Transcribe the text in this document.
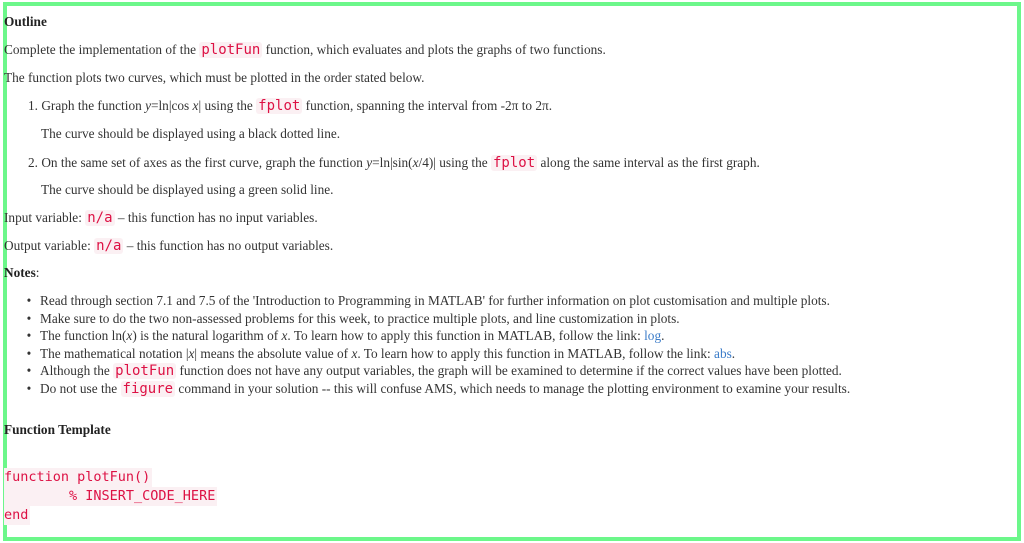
Outline
Complete the implementation of the plotFun function, which evaluates and plots the graphs of two functions.
The function plots two curves, which must be plotted in the order stated below.
1. Graph the function y=ln|cos x| using the fplot function, spanning the interval from -2π to 2π.
The curve should be displayed using a black dotted line.
2. On the same set of axes as the first curve, graph the function y=ln|sin(x/4)| using the fplot along the same interval as the first graph.
The curve should be displayed using a green solid line.
Input variable: n/a – this function has no input variables.
Output variable: n/a – this function has no output variables.
Notes:
• Read through section 7.1 and 7.5 of the 'Introduction to Programming in MATLAB' for further information on plot customisation and multiple plots.
• Make sure to do the two non-assessed problems for this week, to practice multiple plots, and line customization in plots.
• The function ln(x) is the natural logarithm of x. To learn how to apply this function in MATLAB, follow the link: log.
• The mathematical notation |x| means the absolute value of x. To learn how to apply this function in MATLAB, follow the link: abs.
• Although the plotFun function does not have any output variables, the graph will be examined to determine if the correct values have been plotted.
• Do not use the figure command in your solution -- this will confuse AMS, which needs to manage the plotting environment to examine your results.
Function Template
function plotFun()
% INSERT_CODE_HERE
end
